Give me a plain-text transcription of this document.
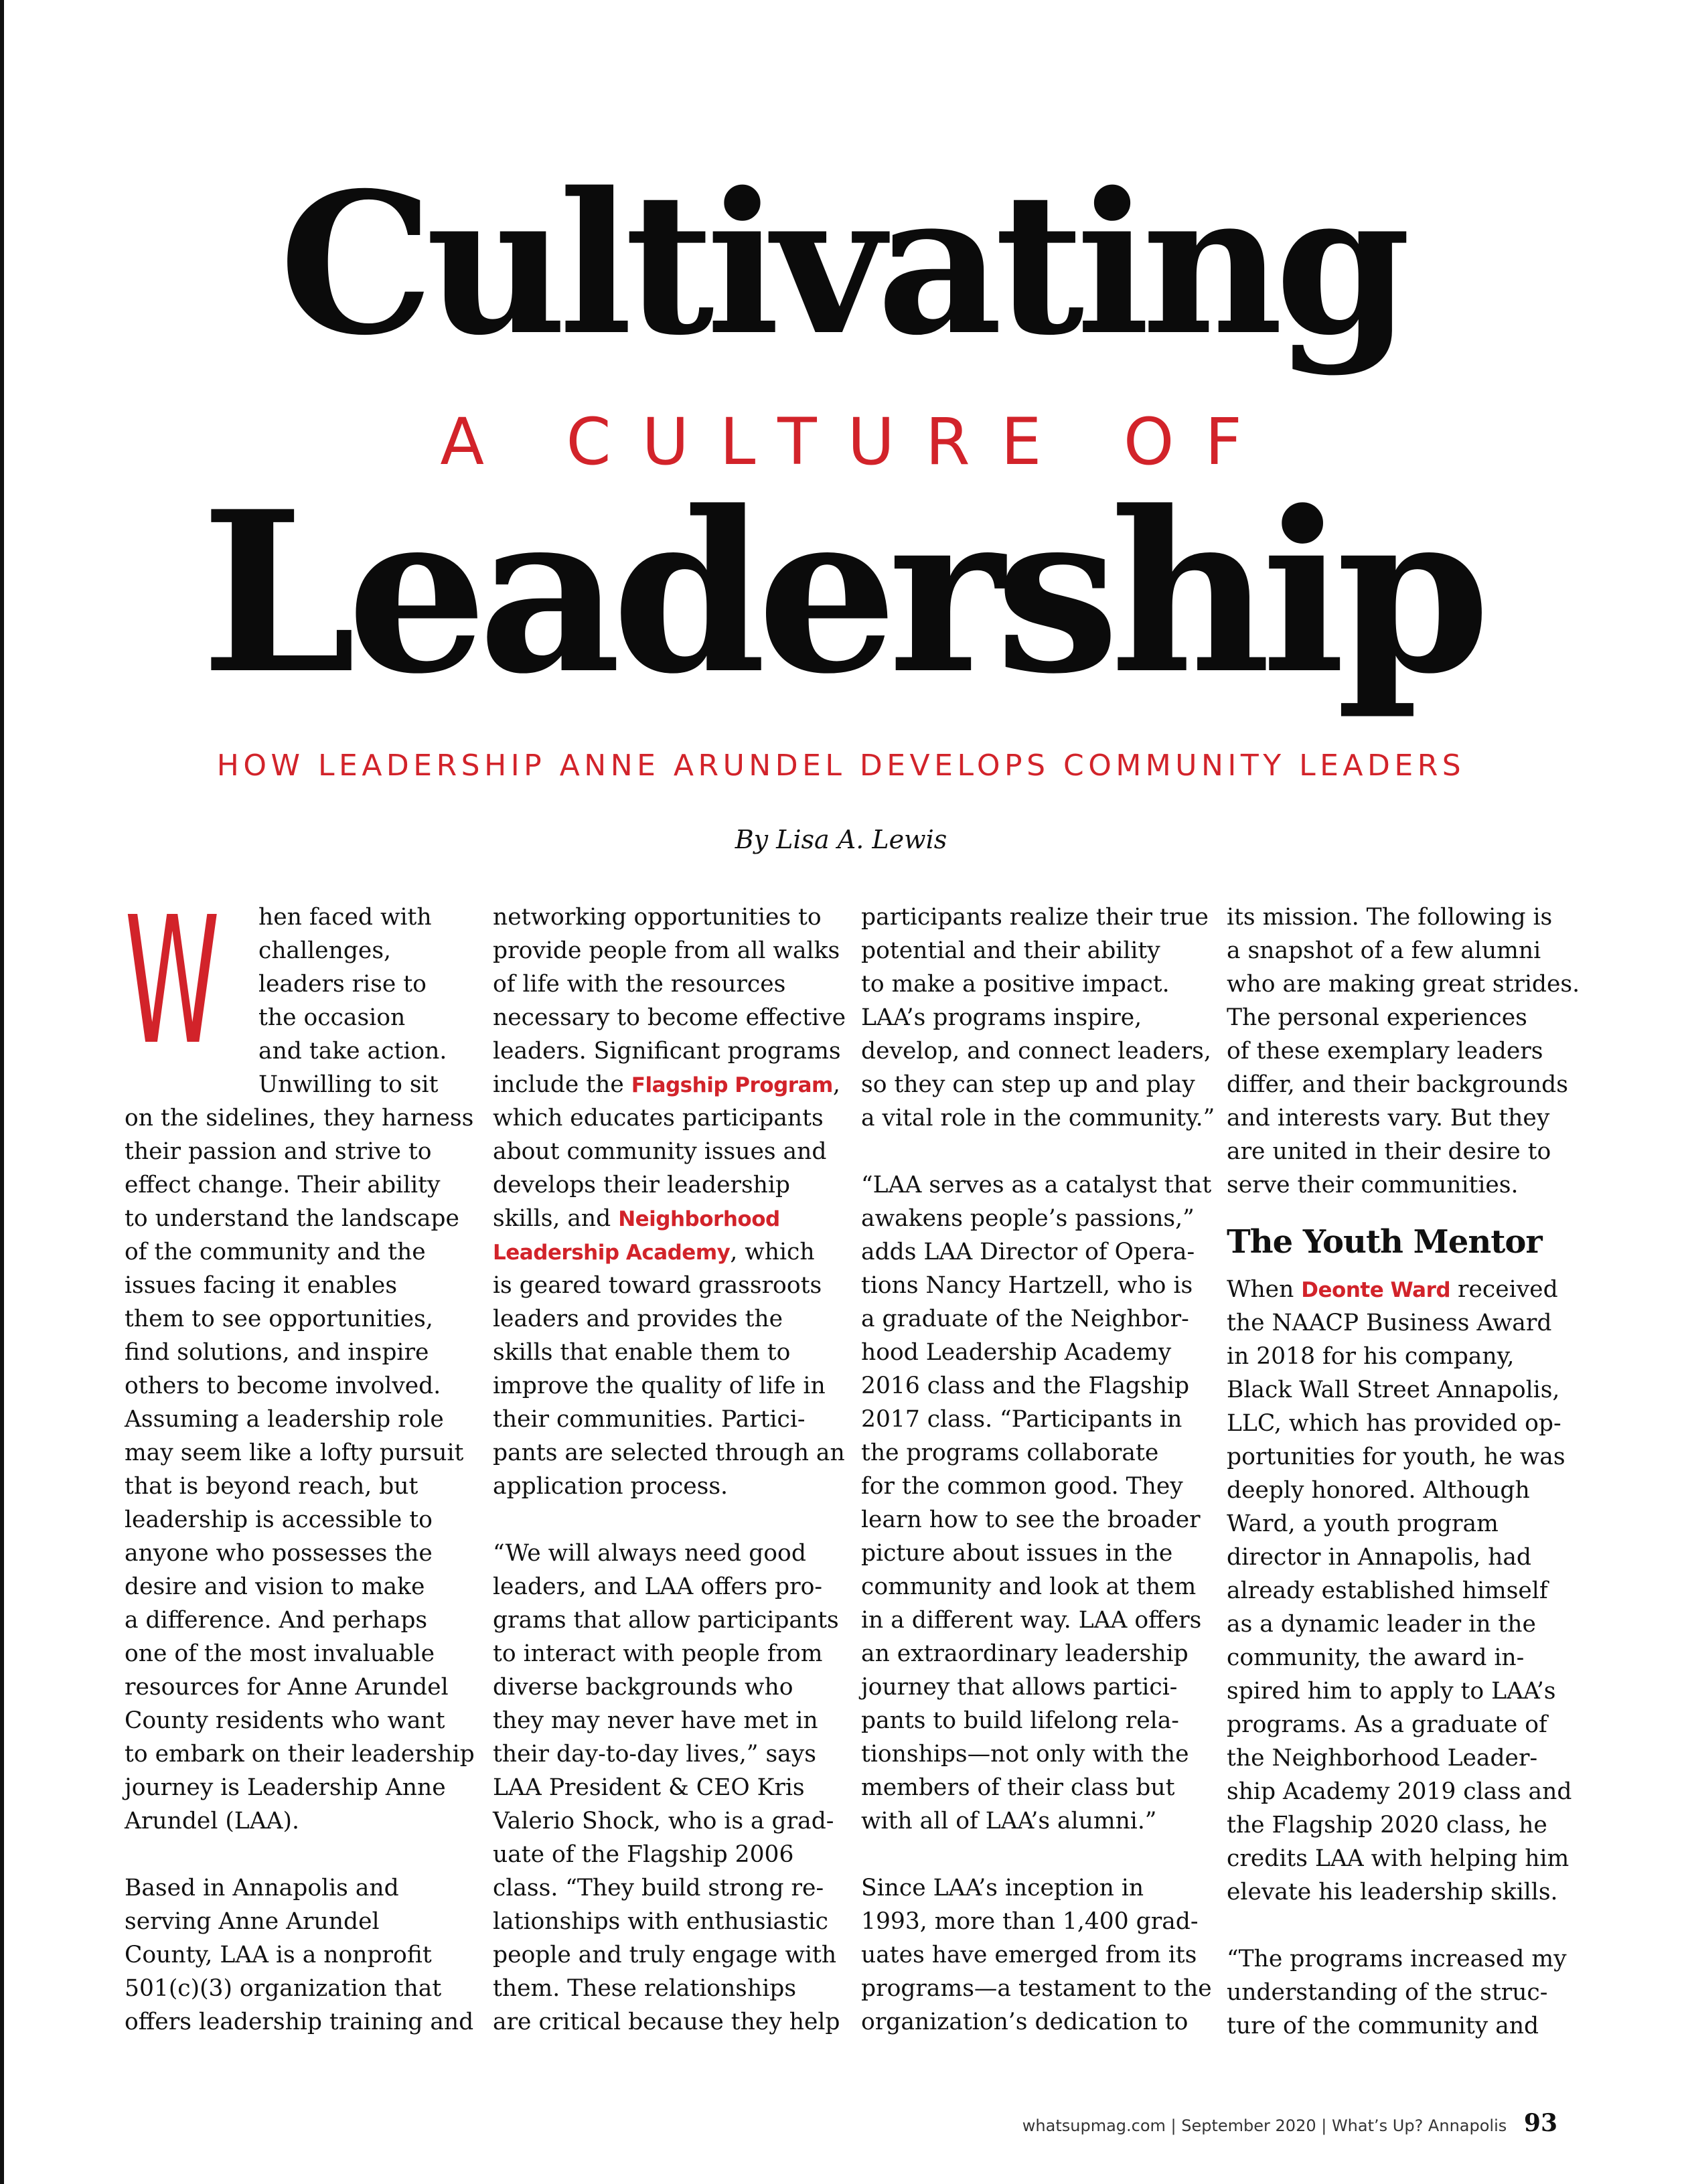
Cultivating
A CULTURE OF
Leadership
HOW LEADERSHIP ANNE ARUNDEL DEVELOPS COMMUNITY LEADERS
By Lisa A. Lewis
W	hen faced with
challenges,
leaders rise to
the occasion
and take action.
Unwilling to sit
on the sidelines, they harness
their passion and strive to
effect change. Their ability
to understand the landscape
of the community and the
issues facing it enables
them to see opportunities,
find solutions, and inspire
others to become involved.
Assuming a leadership role
may seem like a lofty pursuit
that is beyond reach, but
leadership is accessible to
anyone who possesses the
desire and vision to make
a difference. And perhaps
one of the most invaluable
resources for Anne Arundel
County residents who want
to embark on their leadership
journey is Leadership Anne
Arundel (LAA).
Based in Annapolis and
serving Anne Arundel
County, LAA is a nonprofit
501(c)(3) organization that
offers leadership training and
networking opportunities to
provide people from all walks
of life with the resources
necessary to become effective
leaders. Significant programs
include the Flagship Program,
which educates participants
about community issues and
develops their leadership
skills, and Neighborhood
Leadership Academy, which
is geared toward grassroots
leaders and provides the
skills that enable them to
improve the quality of life in
their communities. Partici-
pants are selected through an
application process.
“We will always need good
leaders, and LAA offers pro-
grams that allow participants
to interact with people from
diverse backgrounds who
they may never have met in
their day-to-day lives,” says
LAA President & CEO Kris
Valerio Shock, who is a grad-
uate of the Flagship 2006
class. “They build strong re-
lationships with enthusiastic
people and truly engage with
them. These relationships
are critical because they help
participants realize their true
potential and their ability
to make a positive impact.
LAA’s programs inspire,
develop, and connect leaders,
so they can step up and play
a vital role in the community.”
“LAA serves as a catalyst that
awakens people’s passions,”
adds LAA Director of Opera-
tions Nancy Hartzell, who is
a graduate of the Neighbor-
hood Leadership Academy
2016 class and the Flagship
2017 class. “Participants in
the programs collaborate
for the common good. They
learn how to see the broader
picture about issues in the
community and look at them
in a different way. LAA offers
an extraordinary leadership
journey that allows partici-
pants to build lifelong rela-
tionships—not only with the
members of their class but
with all of LAA’s alumni.”
Since LAA’s inception in
1993, more than 1,400 grad-
uates have emerged from its
programs—a testament to the
organization’s dedication to
its mission. The following is
a snapshot of a few alumni
who are making great strides.
The personal experiences
of these exemplary leaders
differ, and their backgrounds
and interests vary. But they
are united in their desire to
serve their communities.
The Youth Mentor
When Deonte Ward received
the NAACP Business Award
in 2018 for his company,
Black Wall Street Annapolis,
LLC, which has provided op-
portunities for youth, he was
deeply honored. Although
Ward, a youth program
director in Annapolis, had
already established himself
as a dynamic leader in the
community, the award in-
spired him to apply to LAA’s
programs. As a graduate of
the Neighborhood Leader-
ship Academy 2019 class and
the Flagship 2020 class, he
credits LAA with helping him
elevate his leadership skills.
“The programs increased my
understanding of the struc-
ture of the community and
whatsupmag.com | September 2020 | What’s Up? Annapolis 93
